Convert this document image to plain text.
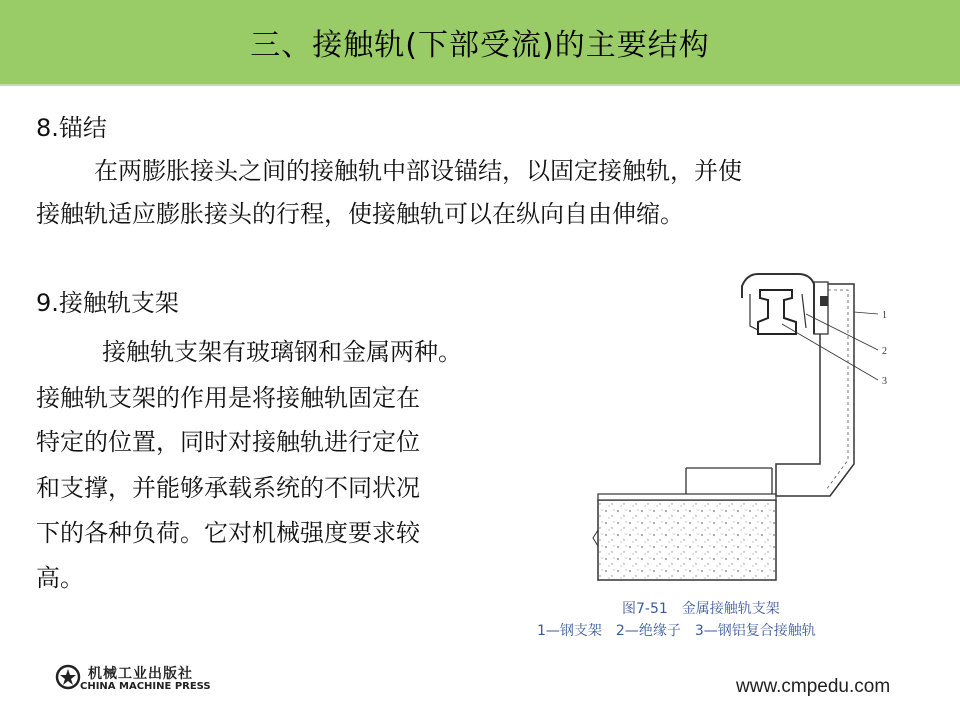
三、接触轨(下部受流)的主要结构
8.锚结
在两膨胀接头之间的接触轨中部设锚结，以固定接触轨，并使
接触轨适应膨胀接头的行程，使接触轨可以在纵向自由伸缩。
9.接触轨支架
接触轨支架有玻璃钢和金属两种。
接触轨支架的作用是将接触轨固定在
特定的位置，同时对接触轨进行定位
和支撑，并能够承载系统的不同状况
下的各种负荷。它对机械强度要求较
高。
1
2
3
图7-51　金属接触轨支架
1—钢支架　2—绝缘子　3—钢铝复合接触轨
机械工业出版社
CHINA MACHINE PRESS	www.cmpedu.com
